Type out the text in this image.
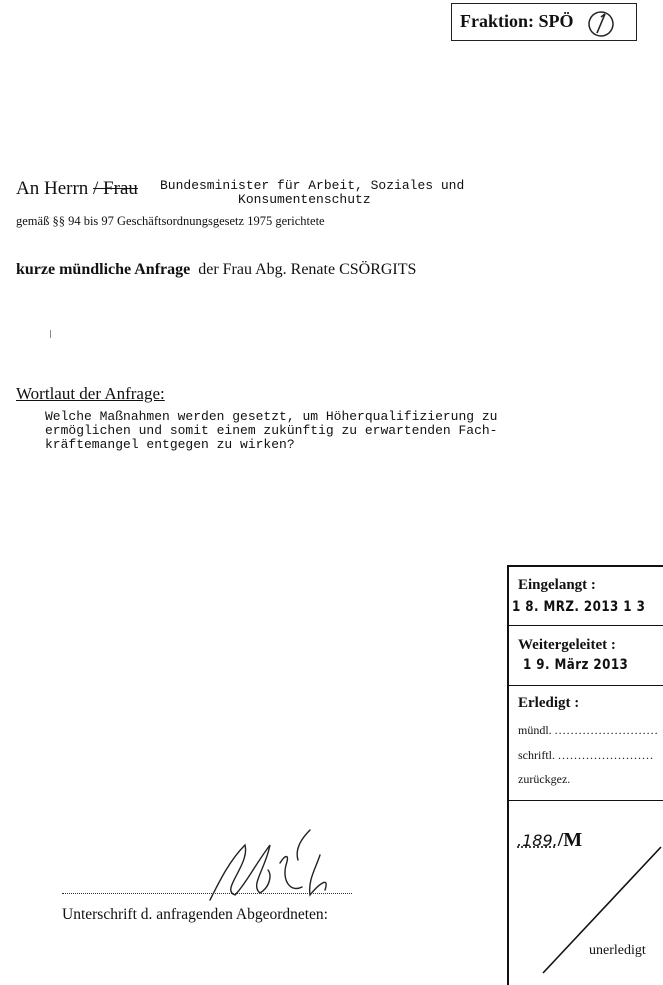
Fraktion: SPÖ
An Herrn / Frau Bundesminister für Arbeit, Soziales und
Konsumentenschutz
gemäß §§ 94 bis 97 Geschäftsordnungsgesetz 1975 gerichtete
kurze mündliche Anfrage  der Frau Abg. Renate CSÖRGITS
Wortlaut der Anfrage:
Welche Maßnahmen werden gesetzt, um Höherqualifizierung zu
ermöglichen und somit einem zukünftig zu erwartenden Fach-
kräftemangel entgegen zu wirken?
Eingelangt :
1 8. MRZ. 2013 1 3
Weitergeleitet :
1 9. März 2013
Erledigt :
mündl. ..........................
schriftl. ........................
zurückgez.
.189./M
unerledigt
Unterschrift d. anfragenden Abgeordneten:
